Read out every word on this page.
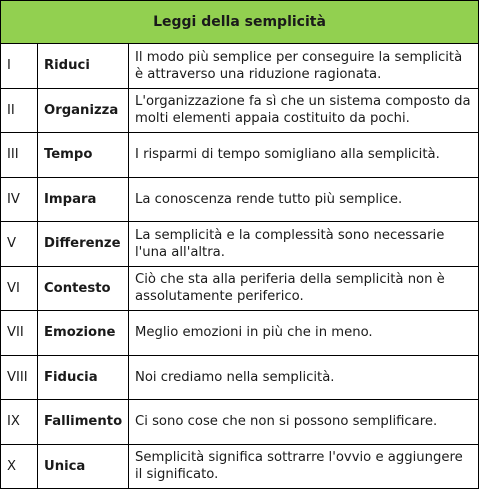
Leggi della semplicità		
I	Riduci	Il modo più semplice per conseguire la semplicità è attraverso una riduzione ragionata.
II	Organizza	L'organizzazione fa sì che un sistema composto da molti elementi appaia costituito da pochi.
III	Tempo	I risparmi di tempo somigliano alla semplicità.
IV	Impara	La conoscenza rende tutto più semplice.
V	Differenze	La semplicità e la complessità sono necessarie l'una all'altra.
VI	Contesto	Ciò che sta alla periferia della semplicità non è assolutamente periferico.
VII	Emozione	Meglio emozioni in più che in meno.
VIII	Fiducia	Noi crediamo nella semplicità.
IX	Fallimento	Ci sono cose che non si possono semplificare.
X	Unica	Semplicità significa sottrarre l'ovvio e aggiungere il significato.
